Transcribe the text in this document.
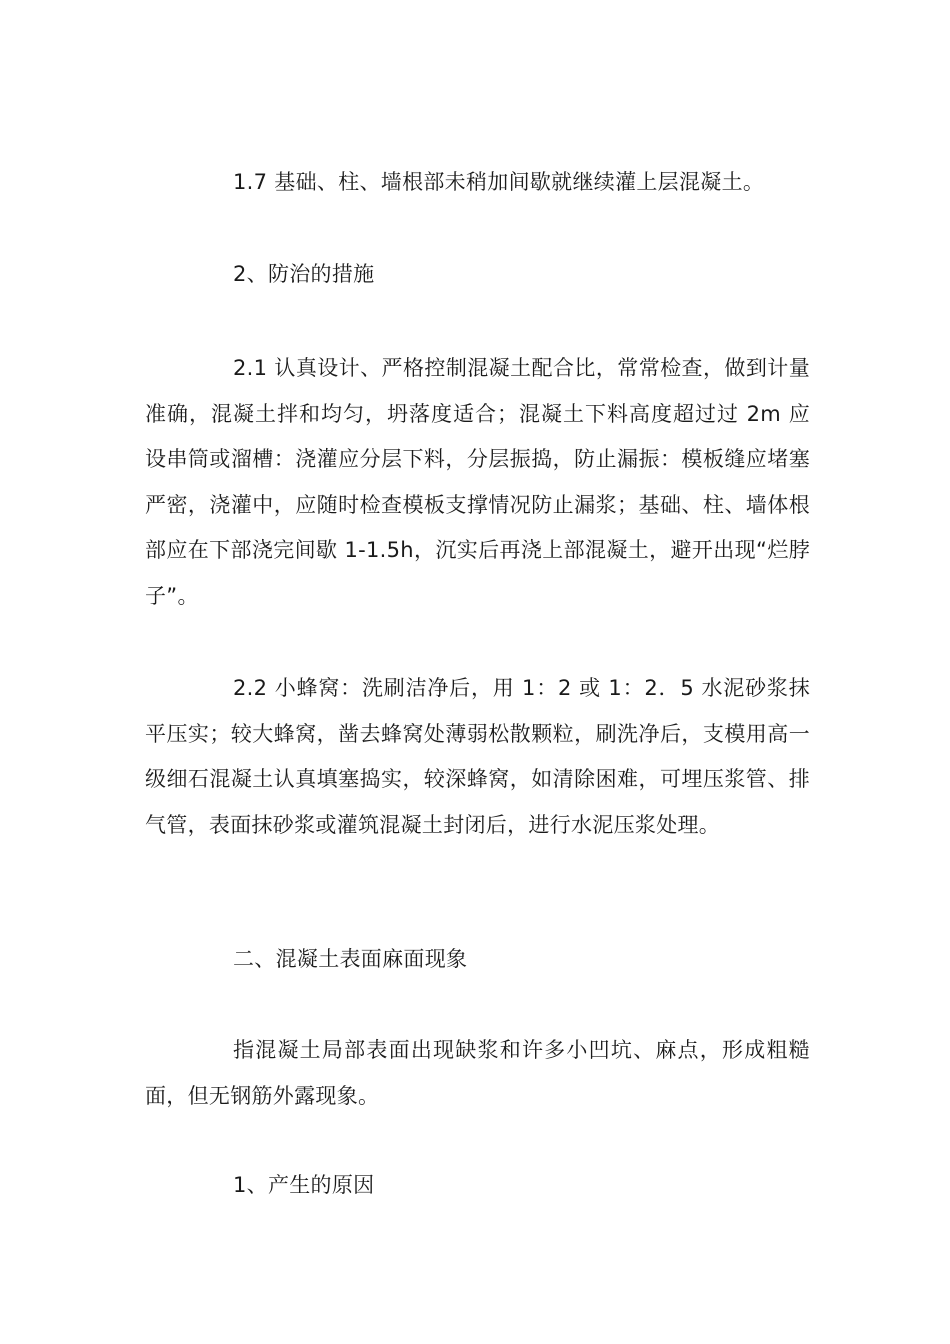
1.7 基础、柱、墙根部未稍加间歇就继续灌上层混凝土。

2、防治的措施

2.1 认真设计、严格控制混凝土配合比，常常检查，做到计量准确，混凝土拌和均匀，坍落度适合；混凝土下料高度超过过 2m 应设串筒或溜槽：浇灌应分层下料，分层振捣，防止漏振：模板缝应堵塞严密，浇灌中，应随时检查模板支撑情况防止漏浆；基础、柱、墙体根部应在下部浇完间歇 1-1.5h，沉实后再浇上部混凝土，避开出现“烂脖子”。

2.2 小蜂窝：洗刷洁净后，用 1：2 或 1：2．5 水泥砂浆抹平压实；较大蜂窝，凿去蜂窝处薄弱松散颗粒，刷洗净后，支模用高一级细石混凝土认真填塞捣实，较深蜂窝，如清除困难，可埋压浆管、排气管，表面抹砂浆或灌筑混凝土封闭后，进行水泥压浆处理。

二、混凝土表面麻面现象

指混凝土局部表面出现缺浆和许多小凹坑、麻点，形成粗糙面，但无钢筋外露现象。

1、产生的原因
